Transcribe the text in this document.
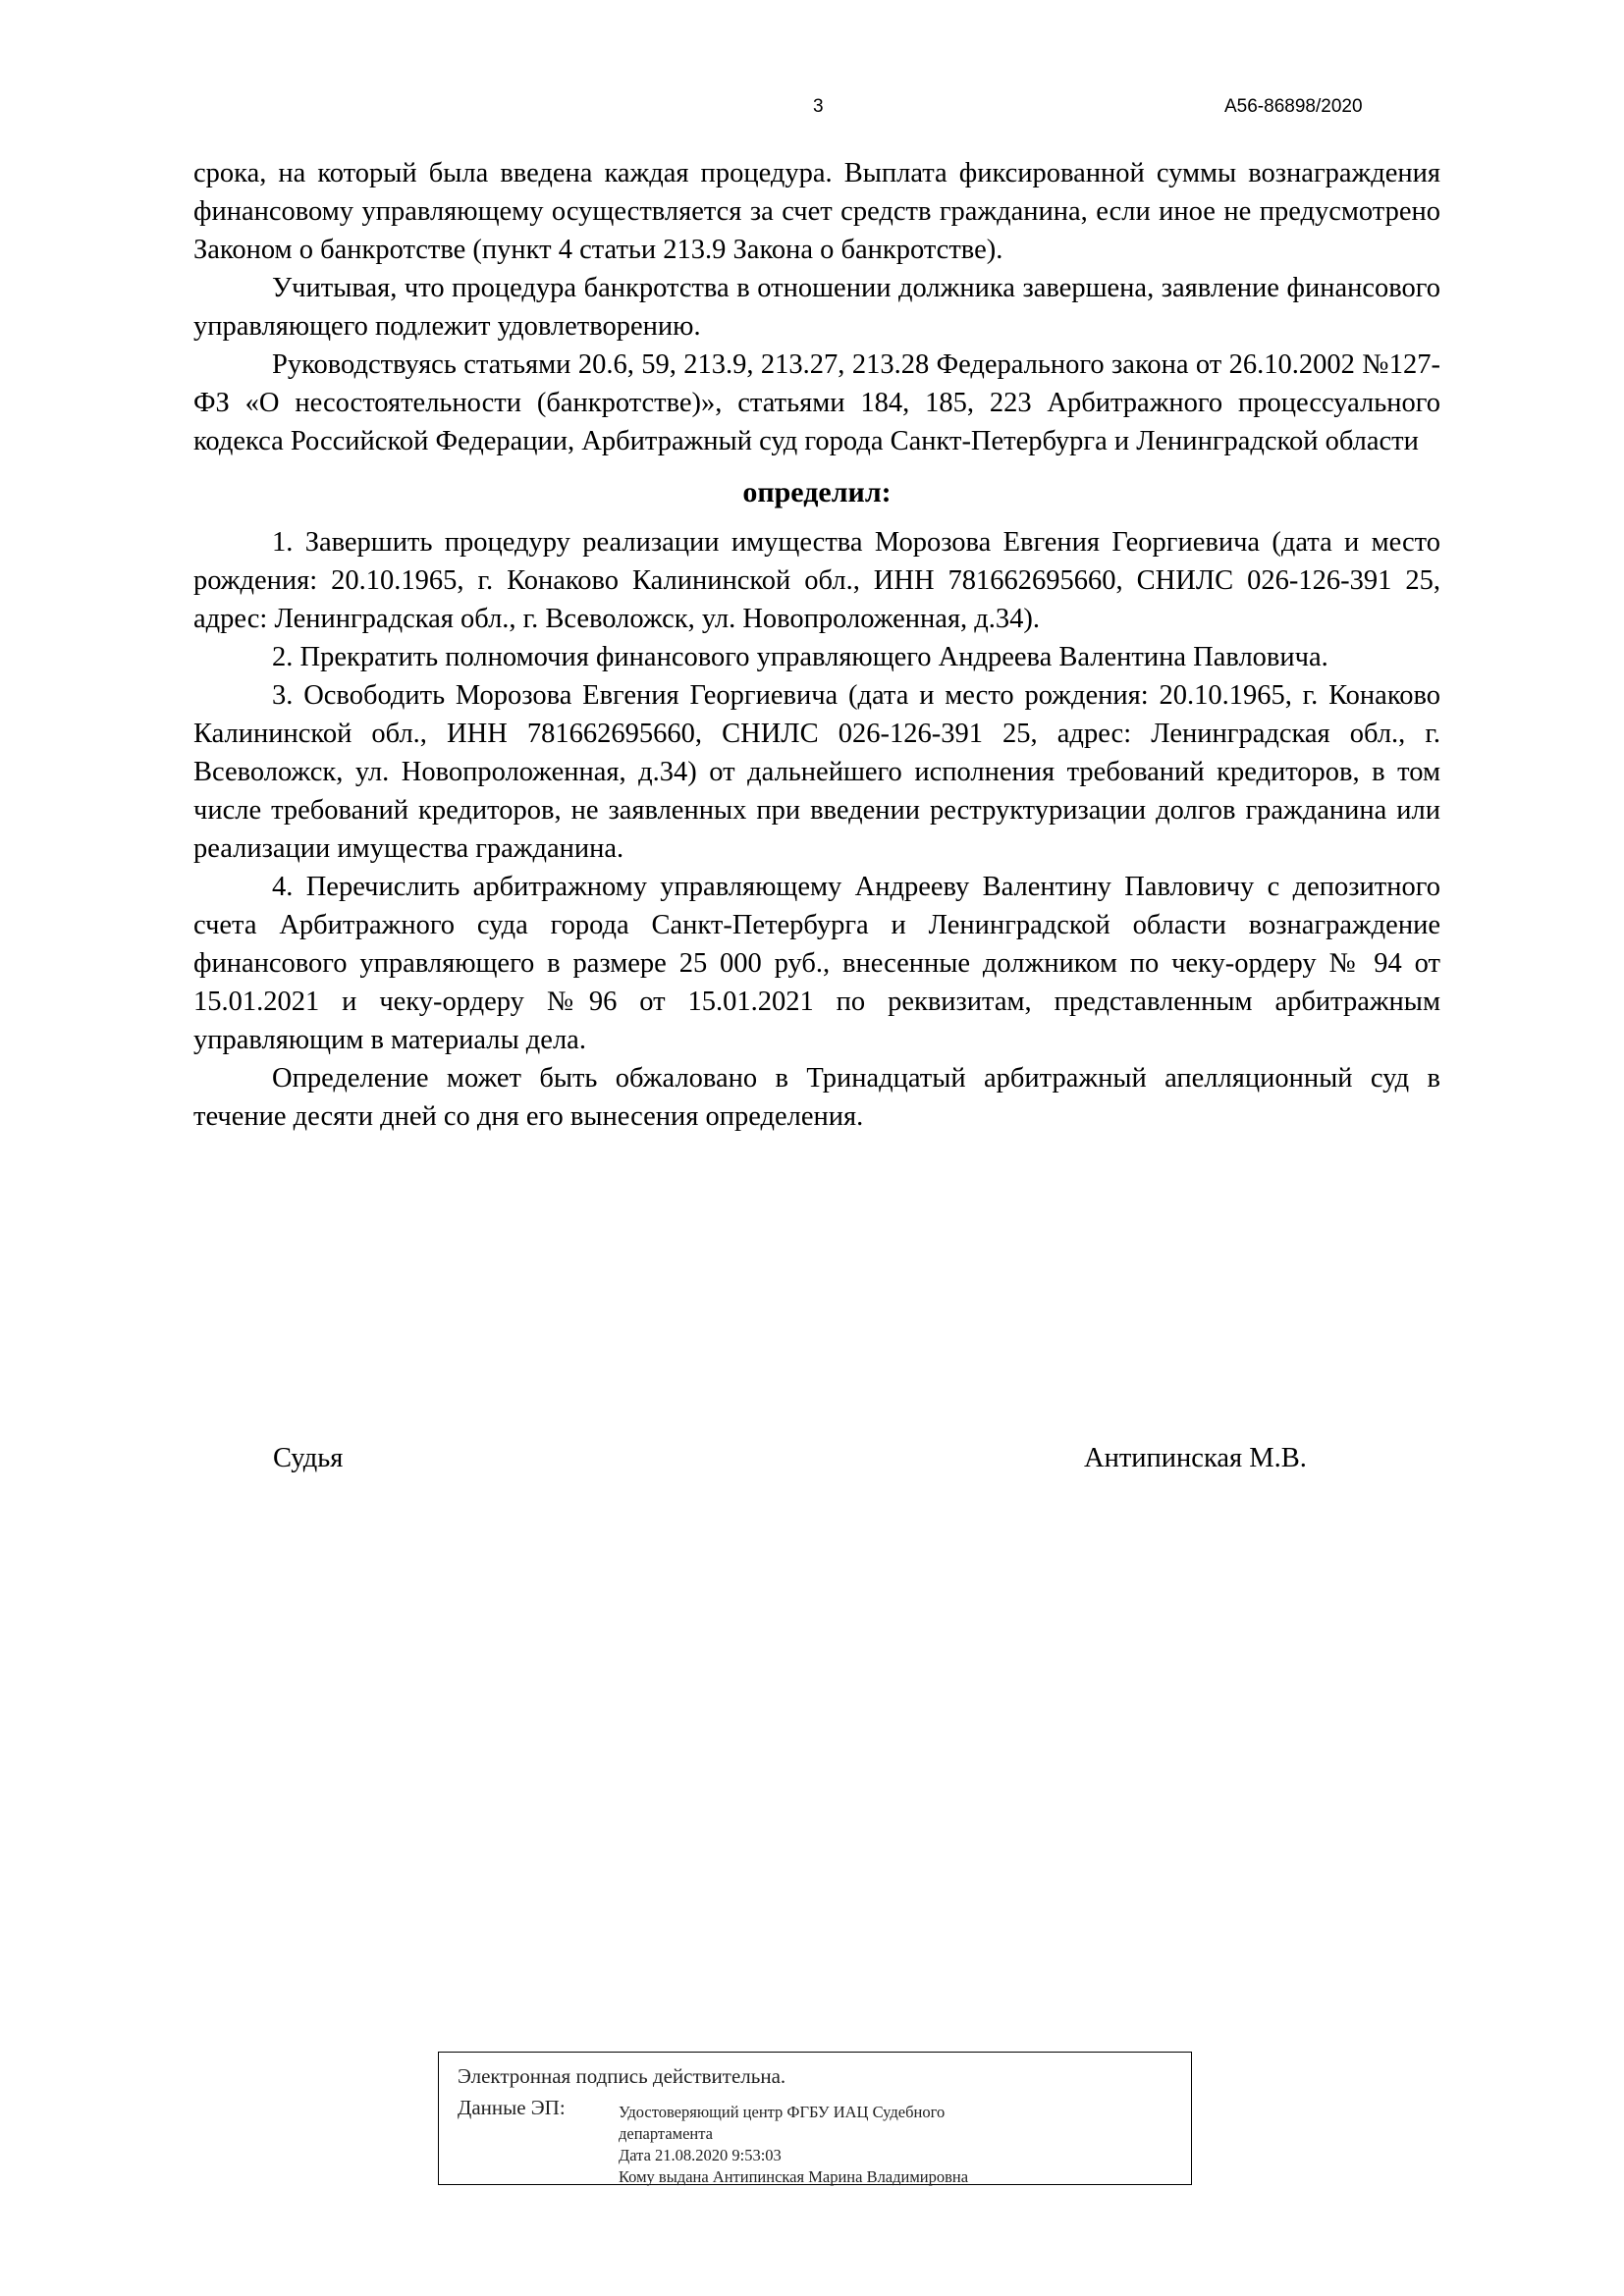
3	А56-86898/2020

срока, на который была введена каждая процедура. Выплата фиксированной суммы вознаграждения финансовому управляющему осуществляется за счет средств гражданина, если иное не предусмотрено Законом о банкротстве (пункт 4 статьи 213.9 Закона о банкротстве).

Учитывая, что процедура банкротства в отношении должника завершена, заявление финансового управляющего подлежит удовлетворению.

Руководствуясь статьями 20.6, 59, 213.9, 213.27, 213.28 Федерального закона от 26.10.2002 №127-ФЗ «О несостоятельности (банкротстве)», статьями 184, 185, 223 Арбитражного процессуального кодекса Российской Федерации, Арбитражный суд города Санкт-Петербурга и Ленинградской области

определил:

1. Завершить процедуру реализации имущества Морозова Евгения Георгиевича (дата и место рождения: 20.10.1965, г. Конаково Калининской обл., ИНН 781662695660, СНИЛС 026-126-391 25, адрес: Ленинградская обл., г. Всеволожск, ул. Новопроложенная, д.34).

2. Прекратить полномочия финансового управляющего Андреева Валентина Павловича.

3. Освободить Морозова Евгения Георгиевича (дата и место рождения: 20.10.1965, г. Конаково Калининской обл., ИНН 781662695660, СНИЛС 026-126-391 25, адрес: Ленинградская обл., г. Всеволожск, ул. Новопроложенная, д.34) от дальнейшего исполнения требований кредиторов, в том числе требований кредиторов, не заявленных при введении реструктуризации долгов гражданина или реализации имущества гражданина.

4. Перечислить арбитражному управляющему Андрееву Валентину Павловичу с депозитного счета Арбитражного суда города Санкт-Петербурга и Ленинградской области вознаграждение финансового управляющего в размере 25 000 руб., внесенные должником по чеку-ордеру № 94 от 15.01.2021 и чеку-ордеру №96 от 15.01.2021 по реквизитам, представленным арбитражным управляющим в материалы дела.

Определение может быть обжаловано в Тринадцатый арбитражный апелляционный суд в течение десяти дней со дня его вынесения определения.

Судья	Антипинская М.В.
Электронная подпись действительна.
Данные ЭП:	Удостоверяющий центр ФГБУ ИАЦ Судебного
департамента
Дата 21.08.2020 9:53:03
Кому выдана Антипинская Марина Владимировна
